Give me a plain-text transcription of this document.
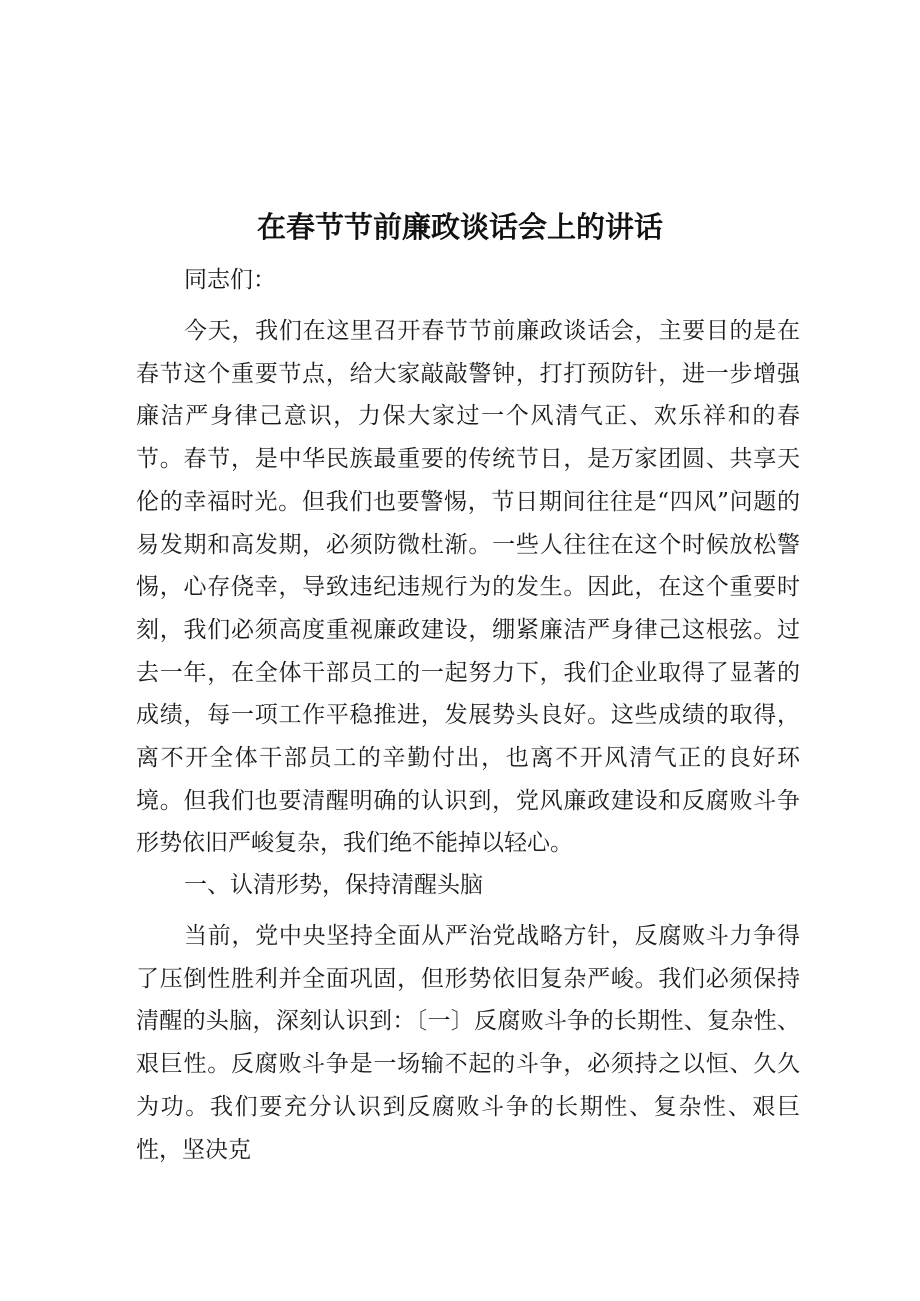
在春节节前廉政谈话会上的讲话

同志们：

今天，我们在这里召开春节节前廉政谈话会，主要目的是在春节这个重要节点，给大家敲敲警钟，打打预防针，进一步增强廉洁严身律己意识，力保大家过一个风清气正、欢乐祥和的春节。春节，是中华民族最重要的传统节日，是万家团圆、共享天伦的幸福时光。但我们也要警惕，节日期间往往是“四风”问题的易发期和高发期，必须防微杜渐。一些人往往在这个时候放松警惕，心存侥幸，导致违纪违规行为的发生。因此，在这个重要时刻，我们必须高度重视廉政建设，绷紧廉洁严身律己这根弦。过去一年，在全体干部员工的一起努力下，我们企业取得了显著的成绩，每一项工作平稳推进，发展势头良好。这些成绩的取得，离不开全体干部员工的辛勤付出，也离不开风清气正的良好环境。但我们也要清醒明确的认识到，党风廉政建设和反腐败斗争形势依旧严峻复杂，我们绝不能掉以轻心。

一、认清形势，保持清醒头脑

当前，党中央坚持全面从严治党战略方针，反腐败斗力争得了压倒性胜利并全面巩固，但形势依旧复杂严峻。我们必须保持清醒的头脑，深刻认识到：〔一〕反腐败斗争的长期性、复杂性、艰巨性。反腐败斗争是一场输不起的斗争，必须持之以恒、久久为功。我们要充分认识到反腐败斗争的长期性、复杂性、艰巨性，坚决克
